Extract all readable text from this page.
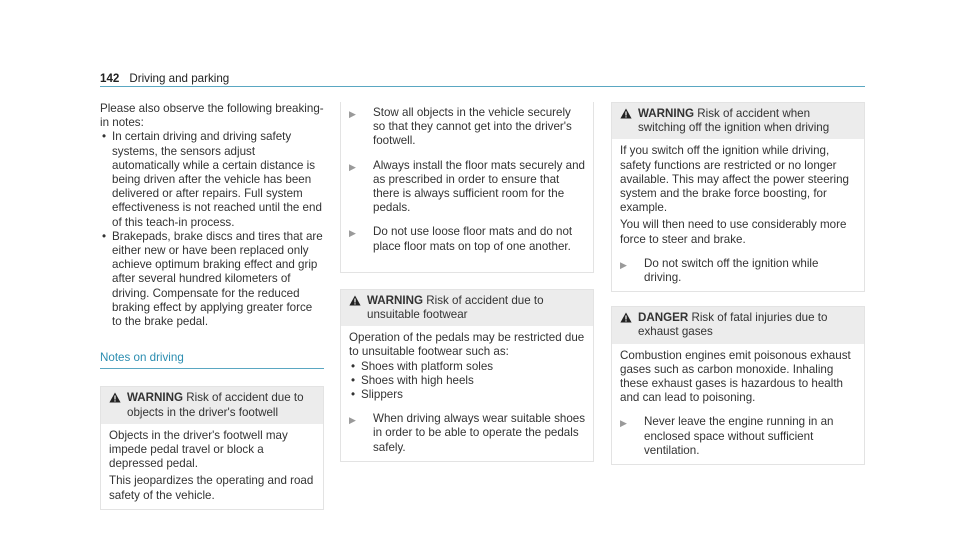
142 Driving and parking

Please also observe the following breaking-in notes:

• In certain driving and driving safety systems, the sensors adjust automatically while a certain distance is being driven after the vehicle has been delivered or after repairs. Full system effectiveness is not reached until the end of this teach-in process.
• Brakepads, brake discs and tires that are either new or have been replaced only achieve optimum braking effect and grip after several hundred kilometers of driving. Compensate for the reduced braking effect by applying greater force to the brake pedal.
Notes on driving
WARNING Risk of accident due to objects in the driver's footwell

Objects in the driver's footwell may impede pedal travel or block a depressed pedal.

This jeopardizes the operating and road safety of the vehicle.

▶	Stow all objects in the vehicle securely so that they cannot get into the driver's footwell.
▶	Always install the floor mats securely and as prescribed in order to ensure that there is always sufficient room for the pedals.
▶	Do not use loose floor mats and do not place floor mats on top of one another.
WARNING Risk of accident due to unsuitable footwear

Operation of the pedals may be restricted due to unsuitable footwear such as:

• Shoes with platform soles
• Shoes with high heels
• Slippers
▶	When driving always wear suitable shoes in order to be able to operate the pedals safely.
WARNING Risk of accident when switching off the ignition when driving

If you switch off the ignition while driving, safety functions are restricted or no longer available. This may affect the power steering system and the brake force boosting, for example.

You will then need to use considerably more force to steer and brake.

▶	Do not switch off the ignition while driving.
DANGER Risk of fatal injuries due to exhaust gases

Combustion engines emit poisonous exhaust gases such as carbon monoxide. Inhaling these exhaust gases is hazardous to health and can lead to poisoning.

▶	Never leave the engine running in an enclosed space without sufficient ventilation.
